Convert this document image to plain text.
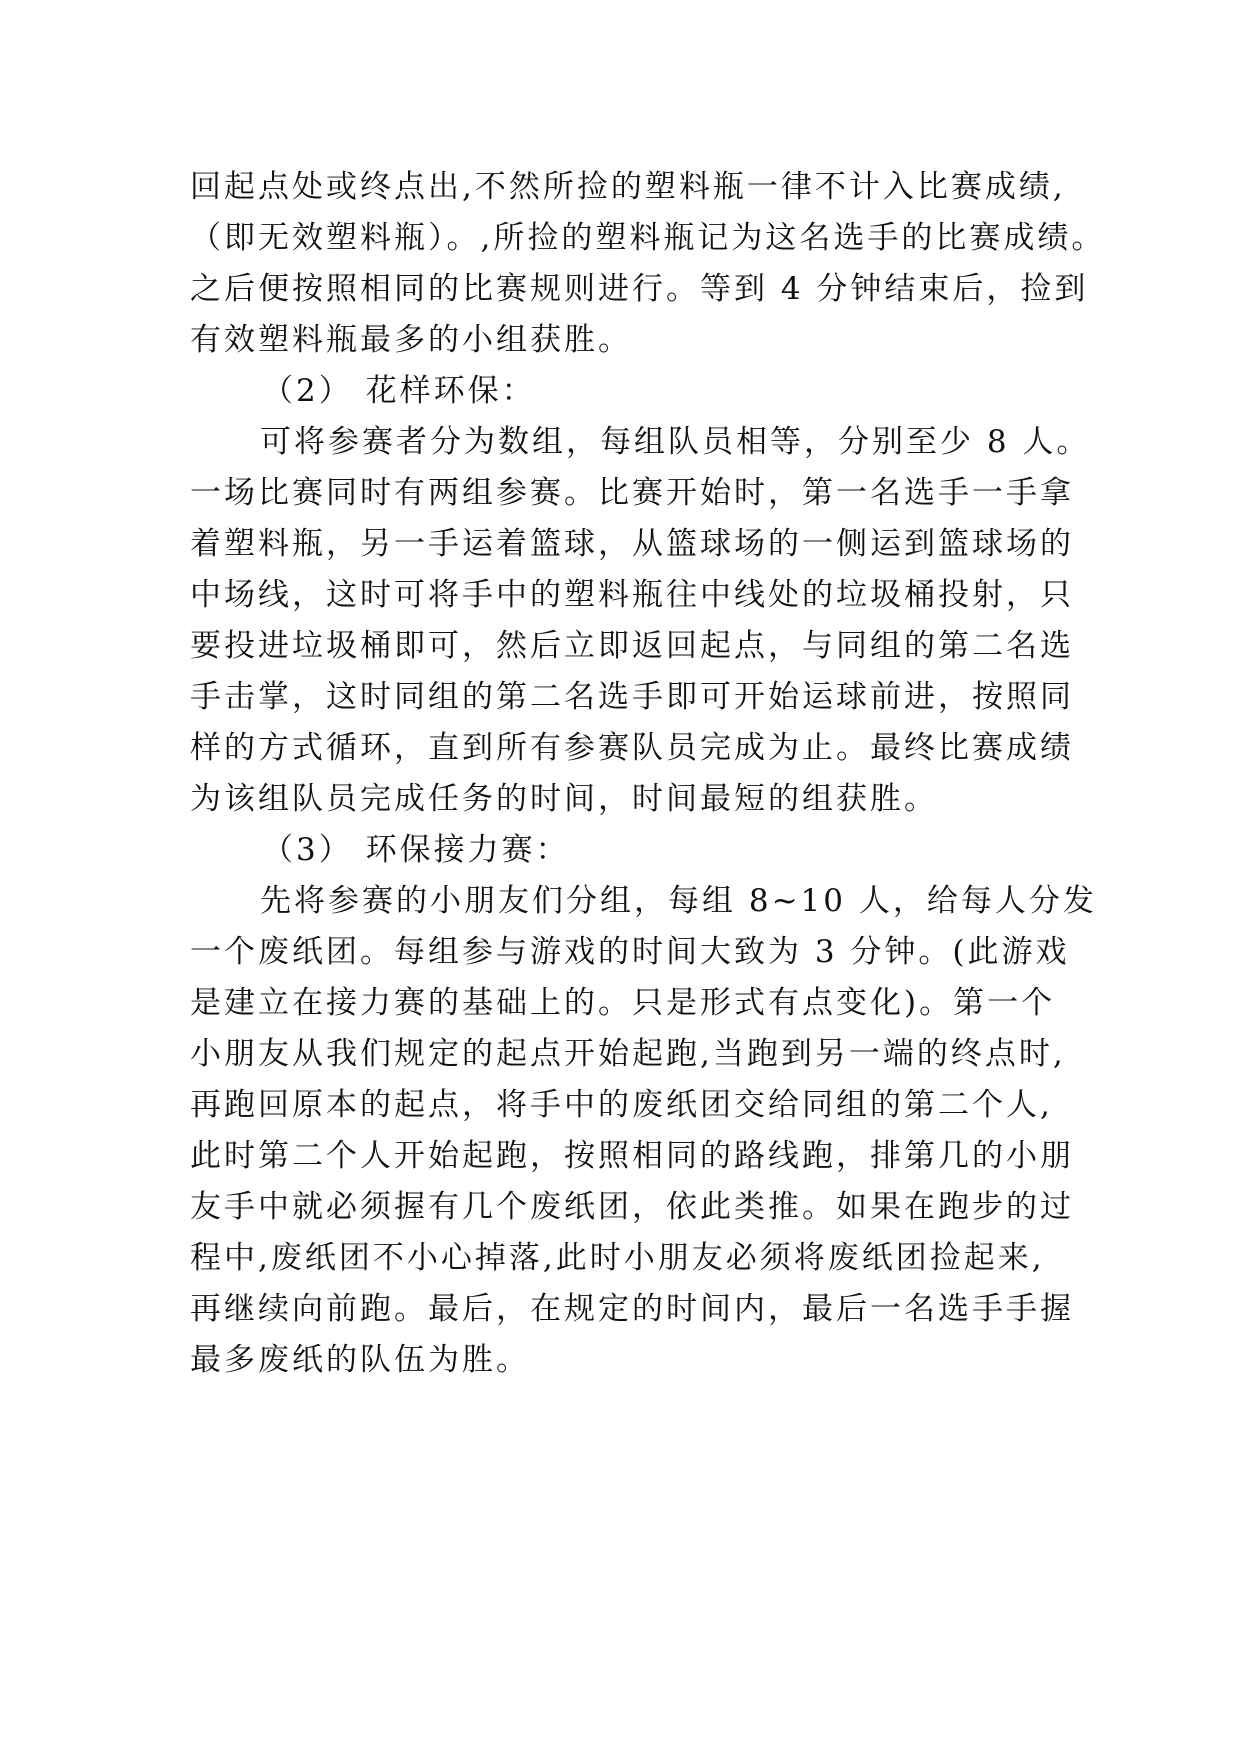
回起点处或终点出,不然所捡的塑料瓶一律不计入比赛成绩,
（即无效塑料瓶）。,所捡的塑料瓶记为这名选手的比赛成绩。
之后便按照相同的比赛规则进行。等到 4 分钟结束后，捡到
有效塑料瓶最多的小组获胜。
（2） 花样环保：
可将参赛者分为数组，每组队员相等，分别至少 8 人。
一场比赛同时有两组参赛。比赛开始时，第一名选手一手拿
着塑料瓶，另一手运着篮球，从篮球场的一侧运到篮球场的
中场线，这时可将手中的塑料瓶往中线处的垃圾桶投射，只
要投进垃圾桶即可，然后立即返回起点，与同组的第二名选
手击掌，这时同组的第二名选手即可开始运球前进，按照同
样的方式循环，直到所有参赛队员完成为止。最终比赛成绩
为该组队员完成任务的时间，时间最短的组获胜。
（3） 环保接力赛：
先将参赛的小朋友们分组，每组 8~10 人，给每人分发
一个废纸团。每组参与游戏的时间大致为 3 分钟。(此游戏
是建立在接力赛的基础上的。只是形式有点变化)。第一个
小朋友从我们规定的起点开始起跑,当跑到另一端的终点时,
再跑回原本的起点，将手中的废纸团交给同组的第二个人,
此时第二个人开始起跑，按照相同的路线跑，排第几的小朋
友手中就必须握有几个废纸团，依此类推。如果在跑步的过
程中,废纸团不小心掉落,此时小朋友必须将废纸团捡起来,
再继续向前跑。最后，在规定的时间内，最后一名选手手握
最多废纸的队伍为胜。
